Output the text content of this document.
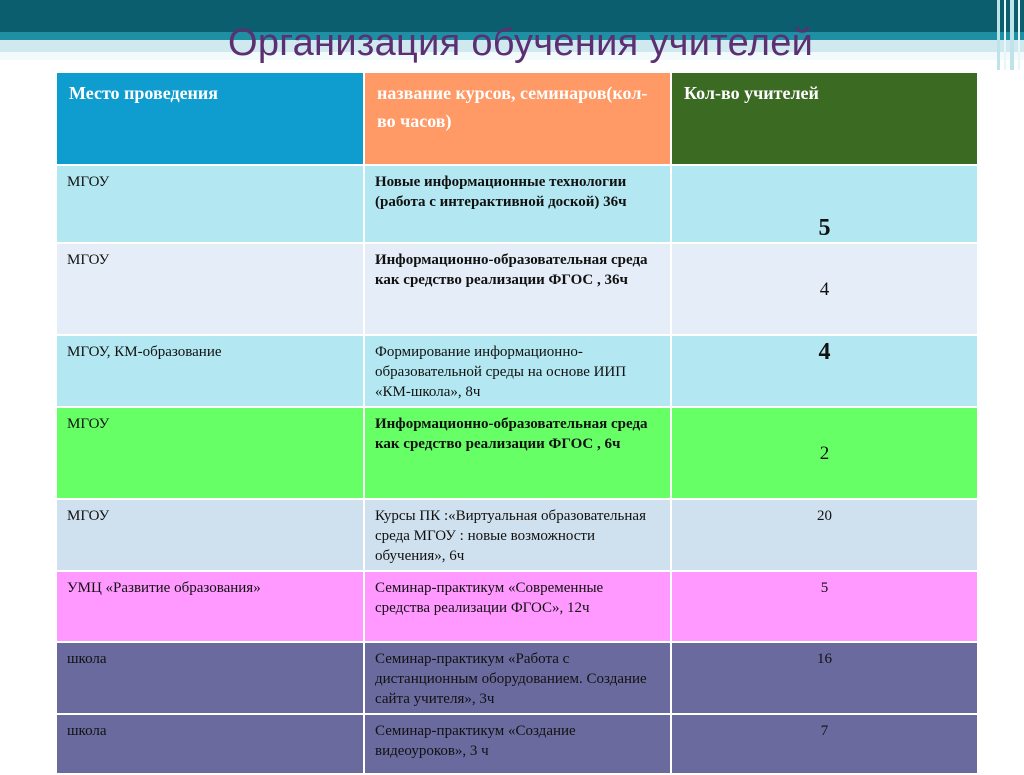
Организация обучения учителей
Место проведения	название курсов, семинаров(кол-во часов)	Кол-во учителей
МГОУ	Новые информационные технологии (работа с интерактивной доской) 36ч	5
МГОУ	Информационно-образовательная среда как средство реализации ФГОС , 36ч	4
МГОУ, КМ-образование	Формирование информационно-образовательной среды на основе ИИП «КМ-школа», 8ч	4
МГОУ	Информационно-образовательная среда как средство реализации ФГОС , 6ч	2
МГОУ	Курсы ПК :«Виртуальная образовательная среда МГОУ : новые возможности обучения», 6ч	20
УМЦ «Развитие образования»	Семинар-практикум «Современные средства реализации ФГОС», 12ч	5
школа	Семинар-практикум «Работа с дистанционным оборудованием. Создание сайта учителя», 3ч	16
школа	Семинар-практикум «Создание видеоуроков», 3 ч	7
